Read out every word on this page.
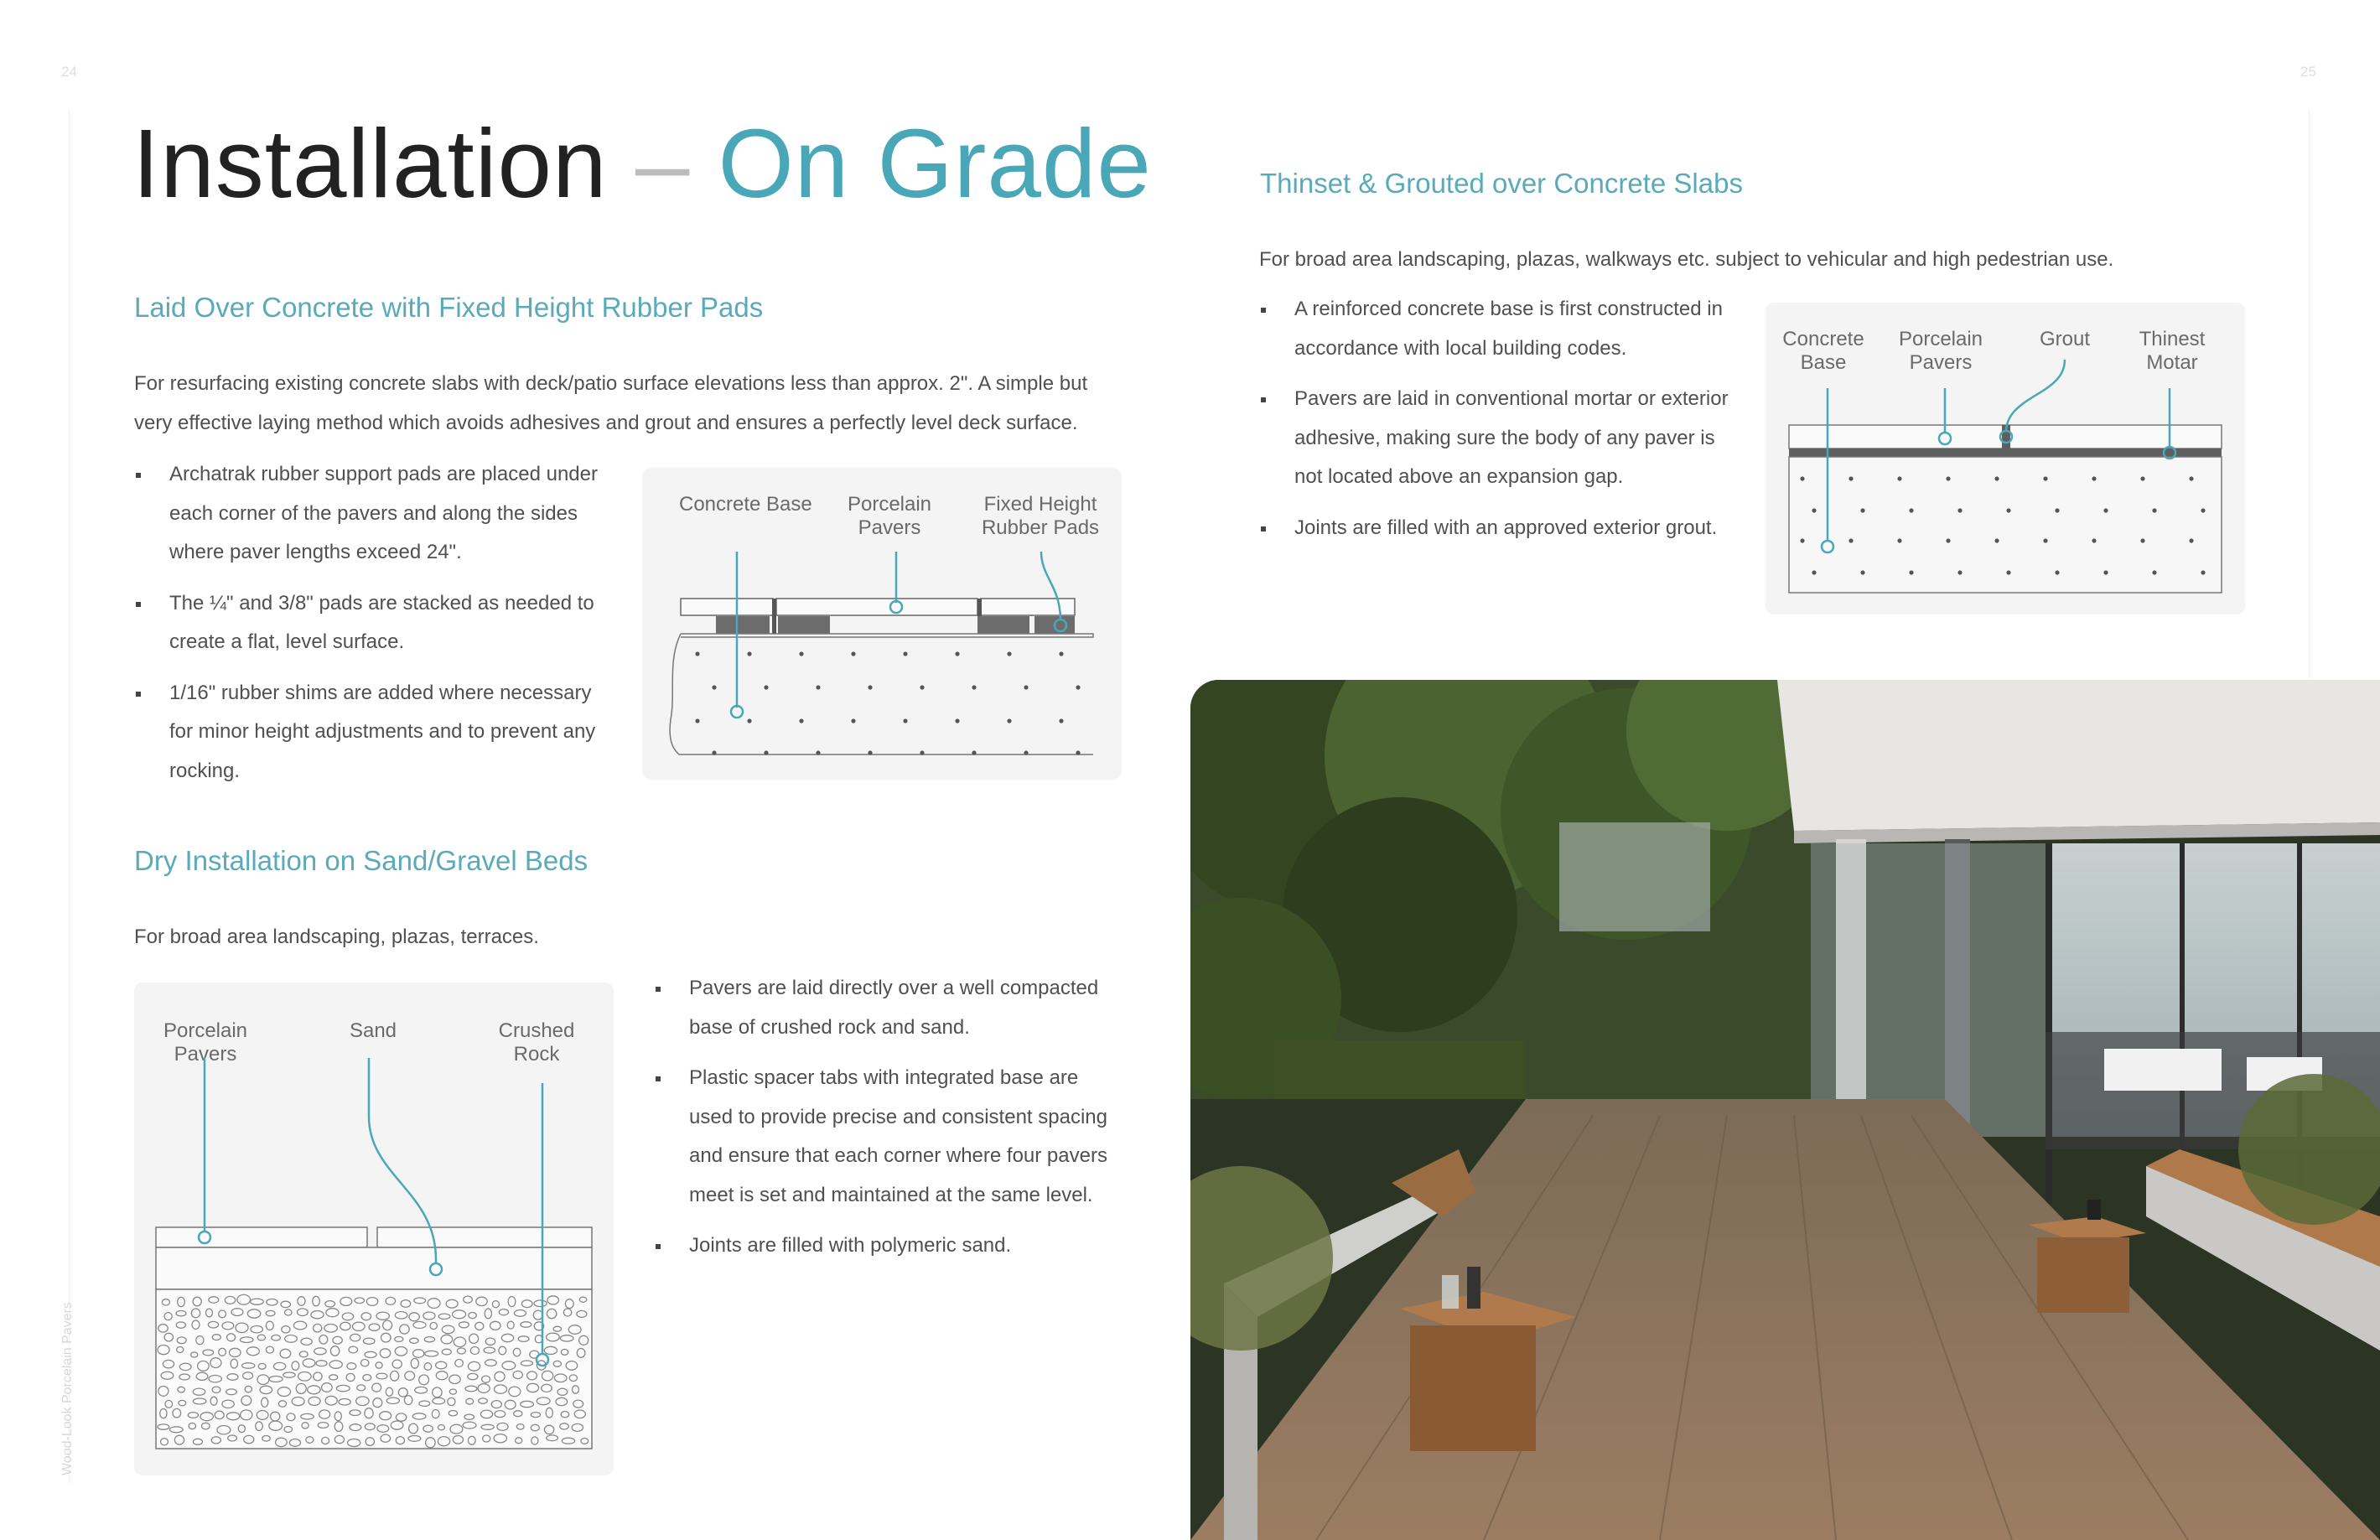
24	25
Wood-Look Porcelain Pavers
Installation – On Grade
Laid Over Concrete with Fixed Height Rubber Pads
For resurfacing existing concrete slabs with deck/patio surface elevations less than approx. 2". A simple but very effective laying method which avoids adhesives and grout and ensures a perfectly level deck surface.
Archatrak rubber support pads are placed under each corner of the pavers and along the sides where paver lengths exceed 24".
The ¼" and 3/8" pads are stacked as needed to create a flat, level surface.
1/16" rubber shims are added where necessary for minor height adjustments and to prevent any rocking.
Concrete Base Porcelain Pavers
Fixed Height Rubber Pads
Dry Installation on Sand/Gravel Beds
For broad area landscaping, plazas, terraces.
Porcelain Pavers
Sand	Crushed Rock
Pavers are laid directly over a well compacted base of crushed rock and sand.
Plastic spacer tabs with integrated base are used to provide precise and consistent spacing and ensure that each corner where four pavers meet is set and maintained at the same level.
Joints are filled with polymeric sand.
Thinset & Grouted over Concrete Slabs
For broad area landscaping, plazas, walkways etc. subject to vehicular and high pedestrian use.
A reinforced concrete base is first constructed in accordance with local building codes.
Pavers are laid in conventional mortar or exterior adhesive, making sure the body of any paver is not located above an expansion gap.
Joints are filled with an approved exterior grout.
Concrete Base
Porcelain Pavers
Grout	Thinest Motar
